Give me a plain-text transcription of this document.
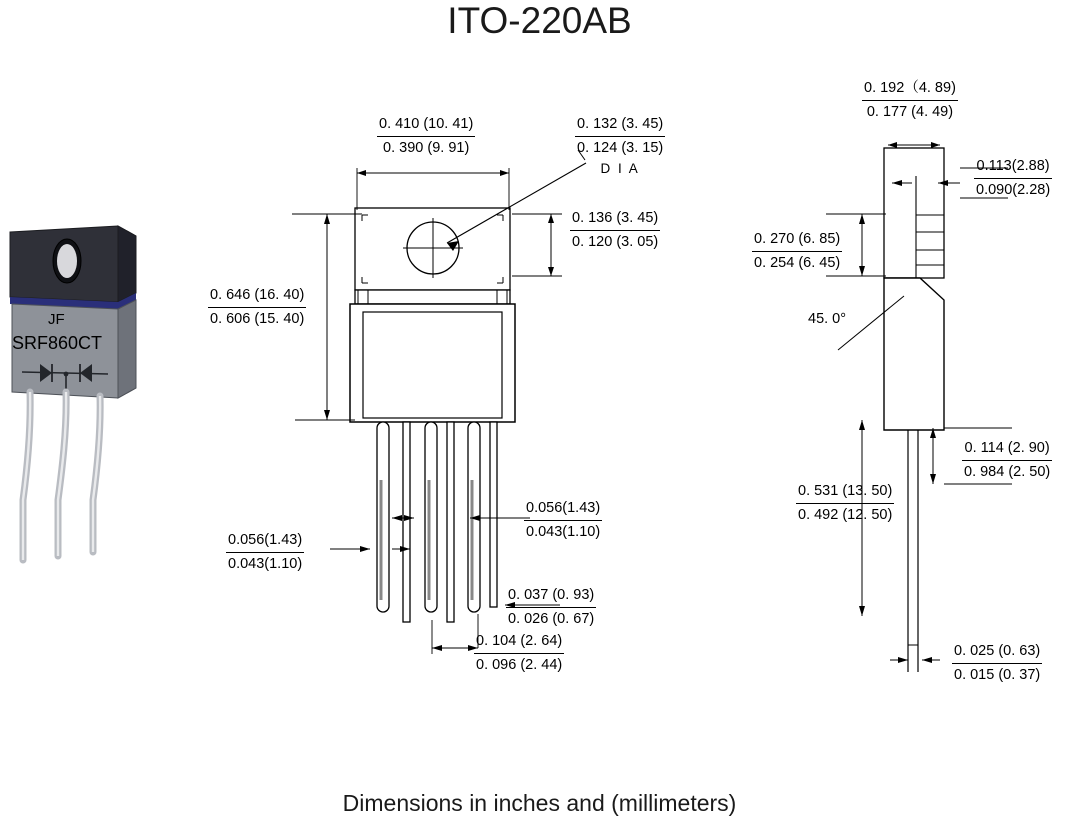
ITO-220AB
Dimensions in inches and (millimeters)
JF
SRF860CT
0. 410 (10. 41)
0. 390 (9. 91)
0. 132 (3. 45)
0. 124 (3. 15)
D I A
0. 136 (3. 45)
0. 120 (3. 05)
0. 646 (16. 40)
0. 606 (15. 40)
0.056(1.43)
0.043(1.10)
0.056(1.43)
0.043(1.10)
0. 037 (0. 93)
0. 026 (0. 67)
0. 104 (2. 64)
0. 096 (2. 44)
0. 192（4. 89)
0. 177 (4. 49)
0.113(2.88)
0.090(2.28)
0. 270 (6. 85)
0. 254 (6. 45)
45. 0°
0. 531 (13. 50)
0. 492 (12. 50)
0. 114 (2. 90)
0. 984 (2. 50)
0. 025 (0. 63)
0. 015 (0. 37)
